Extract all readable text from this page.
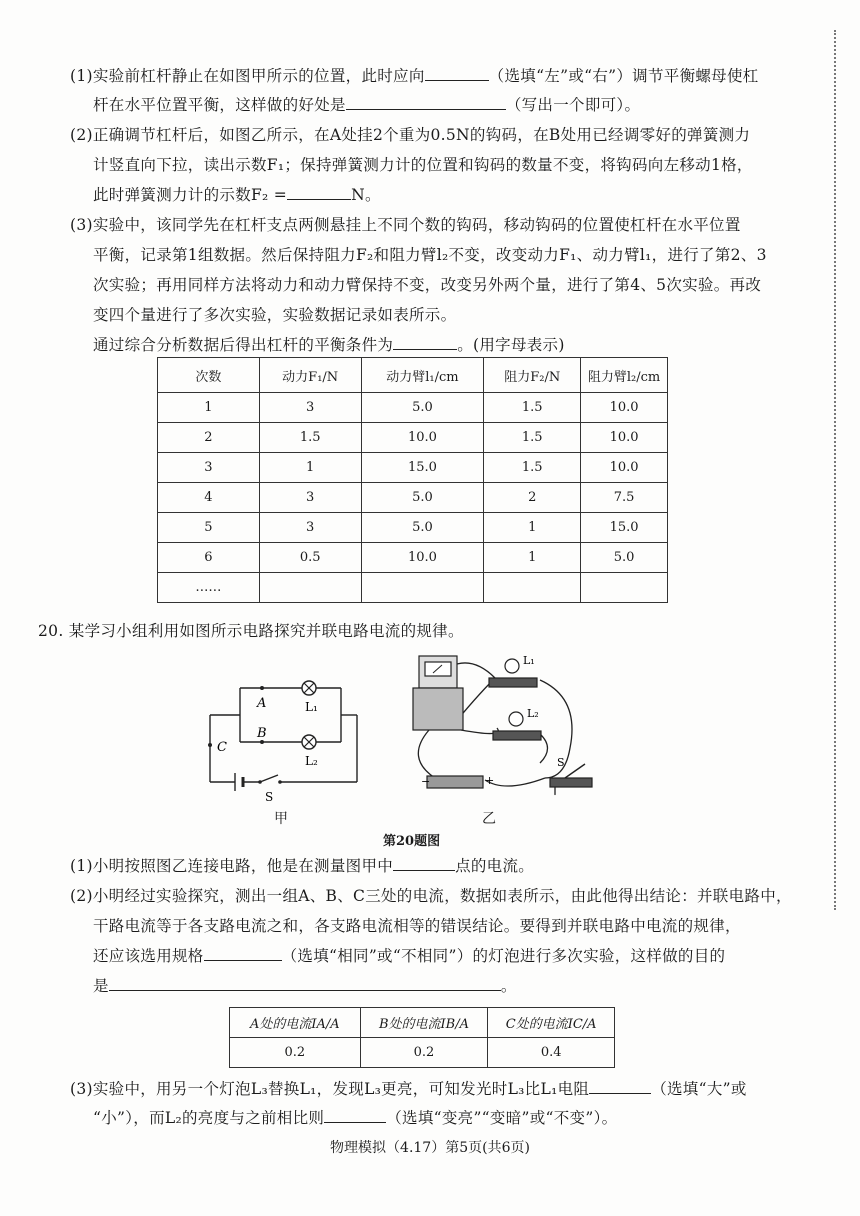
(1)实验前杠杆静止在如图甲所示的位置，此时应向	（选填“左”或“右”）调节平衡螺母使杠
杆在水平位置平衡，这样做的好处是	（写出一个即可）。
(2)正确调节杠杆后，如图乙所示，在A处挂2个重为0.5N的钩码，在B处用已经调零好的弹簧测力
计竖直向下拉，读出示数F₁；保持弹簧测力计的位置和钩码的数量不变，将钩码向左移动1格，
此时弹簧测力计的示数F₂ =	N。
(3)实验中，该同学先在杠杆支点两侧悬挂上不同个数的钩码，移动钩码的位置使杠杆在水平位置
平衡，记录第1组数据。然后保持阻力F₂和阻力臂l₂不变，改变动力F₁、动力臂l₁，进行了第2、3
次实验；再用同样方法将动力和动力臂保持不变，改变另外两个量，进行了第4、5次实验。再改
变四个量进行了多次实验，实验数据记录如表所示。
通过综合分析数据后得出杠杆的平衡条件为	。(用字母表示)
次数	动力F₁/N	动力臂l₁/cm	阻力F₂/N	阻力臂l₂/cm
1	3	5.0	1.5	10.0
2	1.5	10.0	1.5	10.0
3	1	15.0	1.5	10.0
4	3	5.0	2	7.5
5	3	5.0	1	15.0
6	0.5	10.0	1	5.0
……				
20. 某学习小组利用如图所示电路探究并联电路电流的规律。
A
B
C
L₁
L₂
S
L₁
L₂
S
−	+
甲	乙
第20题图
(1)小明按照图乙连接电路，他是在测量图甲中	点的电流。
(2)小明经过实验探究，测出一组A、B、C三处的电流，数据如表所示，由此他得出结论：并联电路中，
干路电流等于各支路电流之和，各支路电流相等的错误结论。要得到并联电路中电流的规律，
还应该选用规格	（选填“相同”或“不相同”）的灯泡进行多次实验，这样做的目的
是	。
A处的电流IA/A	B处的电流IB/A	C处的电流IC/A
0.2	0.2	0.4
(3)实验中，用另一个灯泡L₃替换L₁，发现L₃更亮，可知发光时L₃比L₁电阻	（选填“大”或
“小”），而L₂的亮度与之前相比则	（选填“变亮”“变暗”或“不变”）。
物理模拟（4.17）第5页(共6页)
